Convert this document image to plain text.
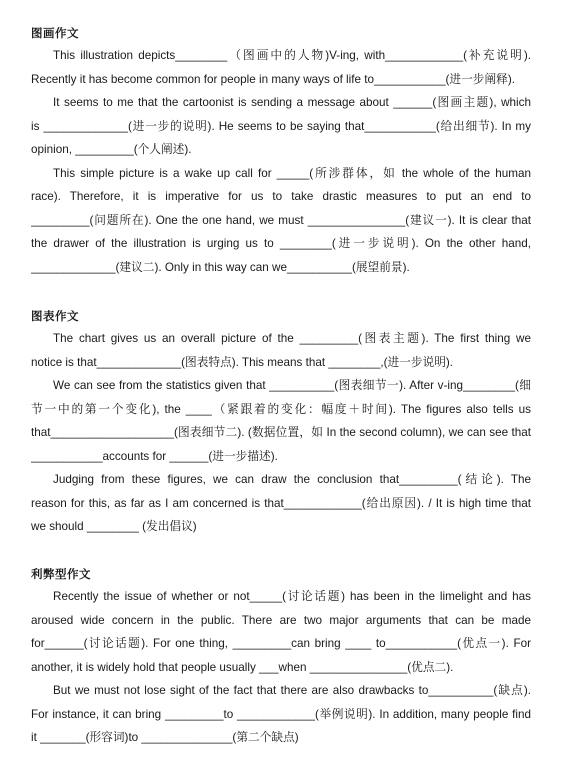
图画作文
This illustration depicts________（图画中的人物)V-ing, with____________(补充说明).
Recently it has become common for people in many ways of life to___________(进一步阐释).
It seems to me that the cartoonist is sending a message about ______(图画主题), which
is _____________(进一步的说明). He seems to be saying that___________(给出细节). In my
opinion, _________(个人阐述).
This simple picture is a wake up call for _____(所涉群体，如 the whole of the human
race). Therefore, it is imperative for us to take drastic measures to put an end to
_________(问题所在). One the one hand, we must _______________(建议一). It is clear that
the drawer of the illustration is urging us to ________(进一步说明). On the other hand,
_____________(建议二). Only in this way can we__________(展望前景).
图表作文
The chart gives us an overall picture of the _________(图表主题). The first thing we
notice is that_____________(图表特点). This means that ________,(进一步说明).
We can see from the statistics given that __________(图表细节一). After v-ing________(细
节一中的第一个变化), the ____（紧跟着的变化：幅度＋时间). The figures also tells us
that___________________(图表细节二). (数据位置，如 In the second column), we can see that
___________accounts for ______(进一步描述).
Judging from these figures, we can draw the conclusion that_________(结论). The
reason for this, as far as I am concerned is that____________(给出原因). / It is high time that
we should ________ (发出倡议)
利弊型作文
Recently the issue of whether or not_____(讨论话题) has been in the limelight and has
aroused wide concern in the public. There are two major arguments that can be made
for______(讨论话题). For one thing, _________can bring ____ to___________(优点一). For
another, it is widely hold that people usually ___when _______________(优点二).
But we must not lose sight of the fact that there are also drawbacks to__________(缺点).
For instance, it can bring _________to ____________(举例说明). In addition, many people find
it _______(形容词)to ______________(第二个缺点)
